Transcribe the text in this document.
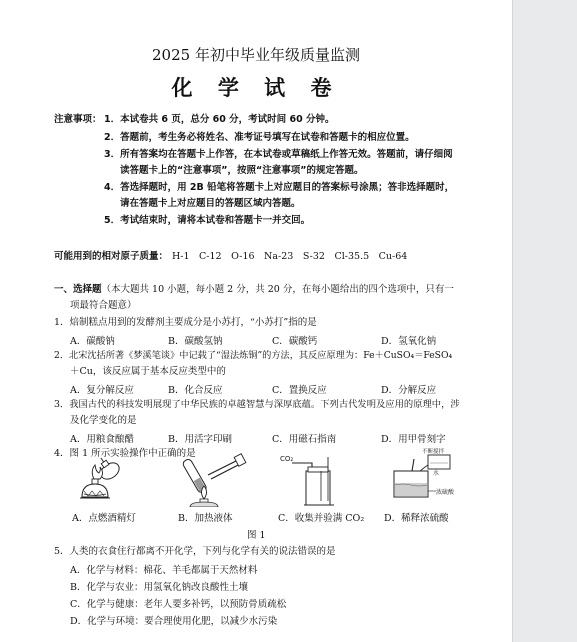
2025 年初中毕业年级质量监测
化 学 试 卷
注意事项： 1．本试卷共 6 页，总分 60 分，考试时间 60 分钟。
2．答题前，考生务必将姓名、准考证号填写在试卷和答题卡的相应位置。
3．所有答案均在答题卡上作答，在本试卷或草稿纸上作答无效。答题前，请仔细阅
读答题卡上的“注意事项”，按照“注意事项”的规定答题。
4．答选择题时，用 2B 铅笔将答题卡上对应题目的答案标号涂黑；答非选择题时，
请在答题卡上对应题目的答题区域内答题。
5．考试结束时，请将本试卷和答题卡一并交回。
可能用到的相对原子质量： H-1　C-12　O-16　Na-23　S-32　Cl-35.5　Cu-64
一、选择题（本大题共 10 小题，每小题 2 分，共 20 分，在每小题给出的四个选项中，只有一
项最符合题意）
1．焙制糕点用到的发酵剂主要成分是小苏打，“小苏打”指的是
A．碳酸钠	B．碳酸氢钠	C．碳酸钙	D．氢氧化钠
2．北宋沈括所著《梦溪笔谈》中记载了“湿法炼铜”的方法，其反应原理为：Fe＋CuSO₄＝FeSO₄
＋Cu，该反应属于基本反应类型中的
A．复分解反应	B．化合反应	C．置换反应	D．分解反应
3．我国古代的科技发明展现了中华民族的卓越智慧与深厚底蕴。下列古代发明及应用的原理中，涉
及化学变化的是
A．用粮食酿醋	B．用活字印刷	C．用磁石指南	D．用甲骨刻字
4．图 1 所示实验操作中正确的是	CO₂
不断搅拌
水
浓硫酸
A．点燃酒精灯	B．加热液体	C．收集并验满 CO₂ D．稀释浓硫酸
图 1
5．人类的衣食住行都离不开化学，下列与化学有关的说法错误的是
A．化学与材料：棉花、羊毛都属于天然材料
B．化学与农业：用氢氧化钠改良酸性土壤
C．化学与健康：老年人要多补钙，以预防骨质疏松
D．化学与环境：要合理使用化肥，以减少水污染
